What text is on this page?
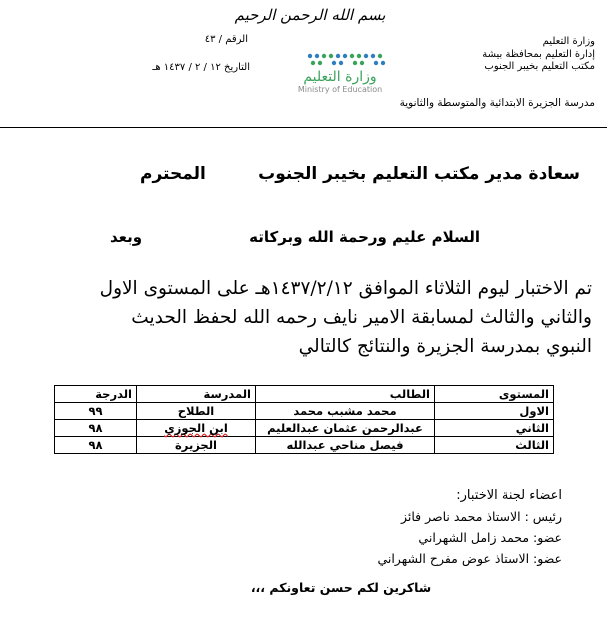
بسم الله الرحمن الرحيم
وزارة التعليم
إدارة التعليم بمحافظة بيشة
مكتب التعليم بخيبر الجنوب
الرقم / ٤٣
التاريخ ١٢ / ٢ / ١٤٣٧ هـ
وزارة التعليم
Ministry of Education
مدرسة الجزيرة الابتدائية والمتوسطة والثانوية
سعادة مدير مكتب التعليم بخيبر الجنوب
المحترم
السلام عليم ورحمة الله وبركاته
وبعد
تم الاختبار ليوم الثلاثاء الموافق ١٤٣٧/٢/١٢هـ على المستوى الاول والثاني والثالث لمسابقة الامير نايف رحمه الله لحفظ الحديث النبوي بمدرسة الجزيرة والنتائج كالتالي
المستوى	الطالب	المدرسة	الدرجة
الاول	محمد مشبب محمد	الطلاح	٩٩
الثاني	عبدالرحمن عثمان عبدالعليم	ابن الجوزي	٩٨
الثالث	فيصل مناحي عبدالله	الجزيرة	٩٨
اعضاء لجنة الاختبار:
رئيس : الاستاذ محمد ناصر فائز
عضو: محمد زامل الشهراني
عضو: الاستاذ عوض مفرح الشهراني
شاكرين لكم حسن تعاونكم ،،،
